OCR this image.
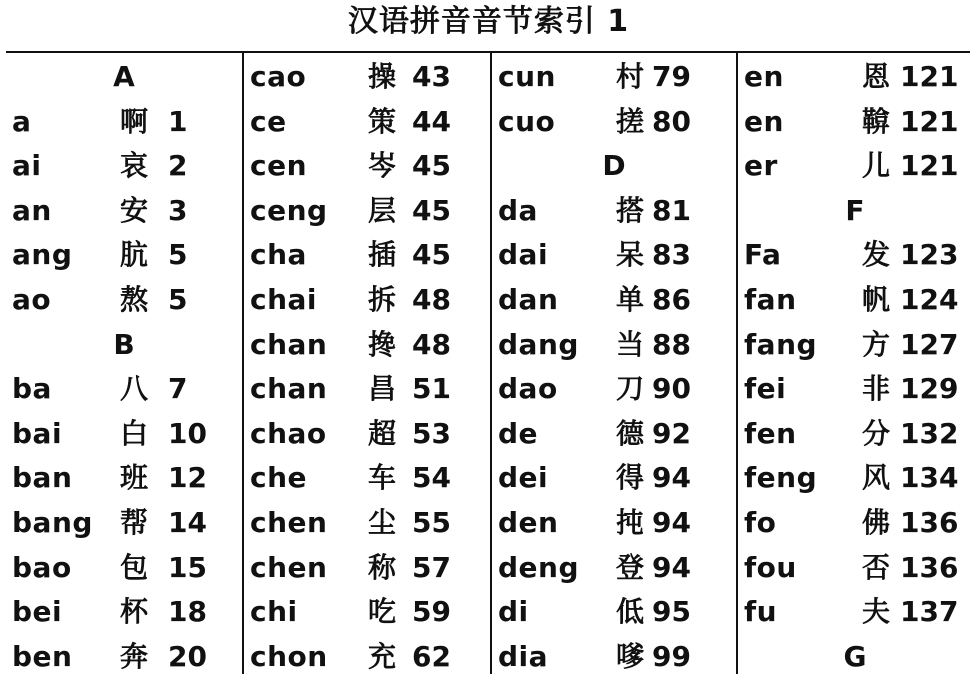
汉语拼音音节索引 1
A
a	啊 1
ai	哀 2
an 安 3
ang 肮 5
ao 熬 5
B
ba 八 7
bai 白 10
ban 班 12
bang 帮 14
bao 包 15
bei 杯 18
ben 奔 20
cao 操 43
ce	策 44
cen 岑 45
ceng 层 45
cha 插 45
chai 拆 48
chan 搀 48
chan 昌 51
chao 超 53
che 车 54
chen 尘 55
chen 称 57
chi	吃 59
chon 充 62
cun 村 79
cuo 搓 80
D
da	搭 81
dai 呆 83
dan 单 86
dang 当 88
dao 刀 90
de	德 92
dei 得 94
den 扽 94
deng 登 94
di	低 95
dia 嗲 99
en	恩 121
en	鞥 121
er	儿 121
F
Fa	发 123
fan 帆 124
fang 方 127
fei	非 129
fen 分 132
feng 风 134
fo	佛 136
fou 否 136
fu	夫 137
G
